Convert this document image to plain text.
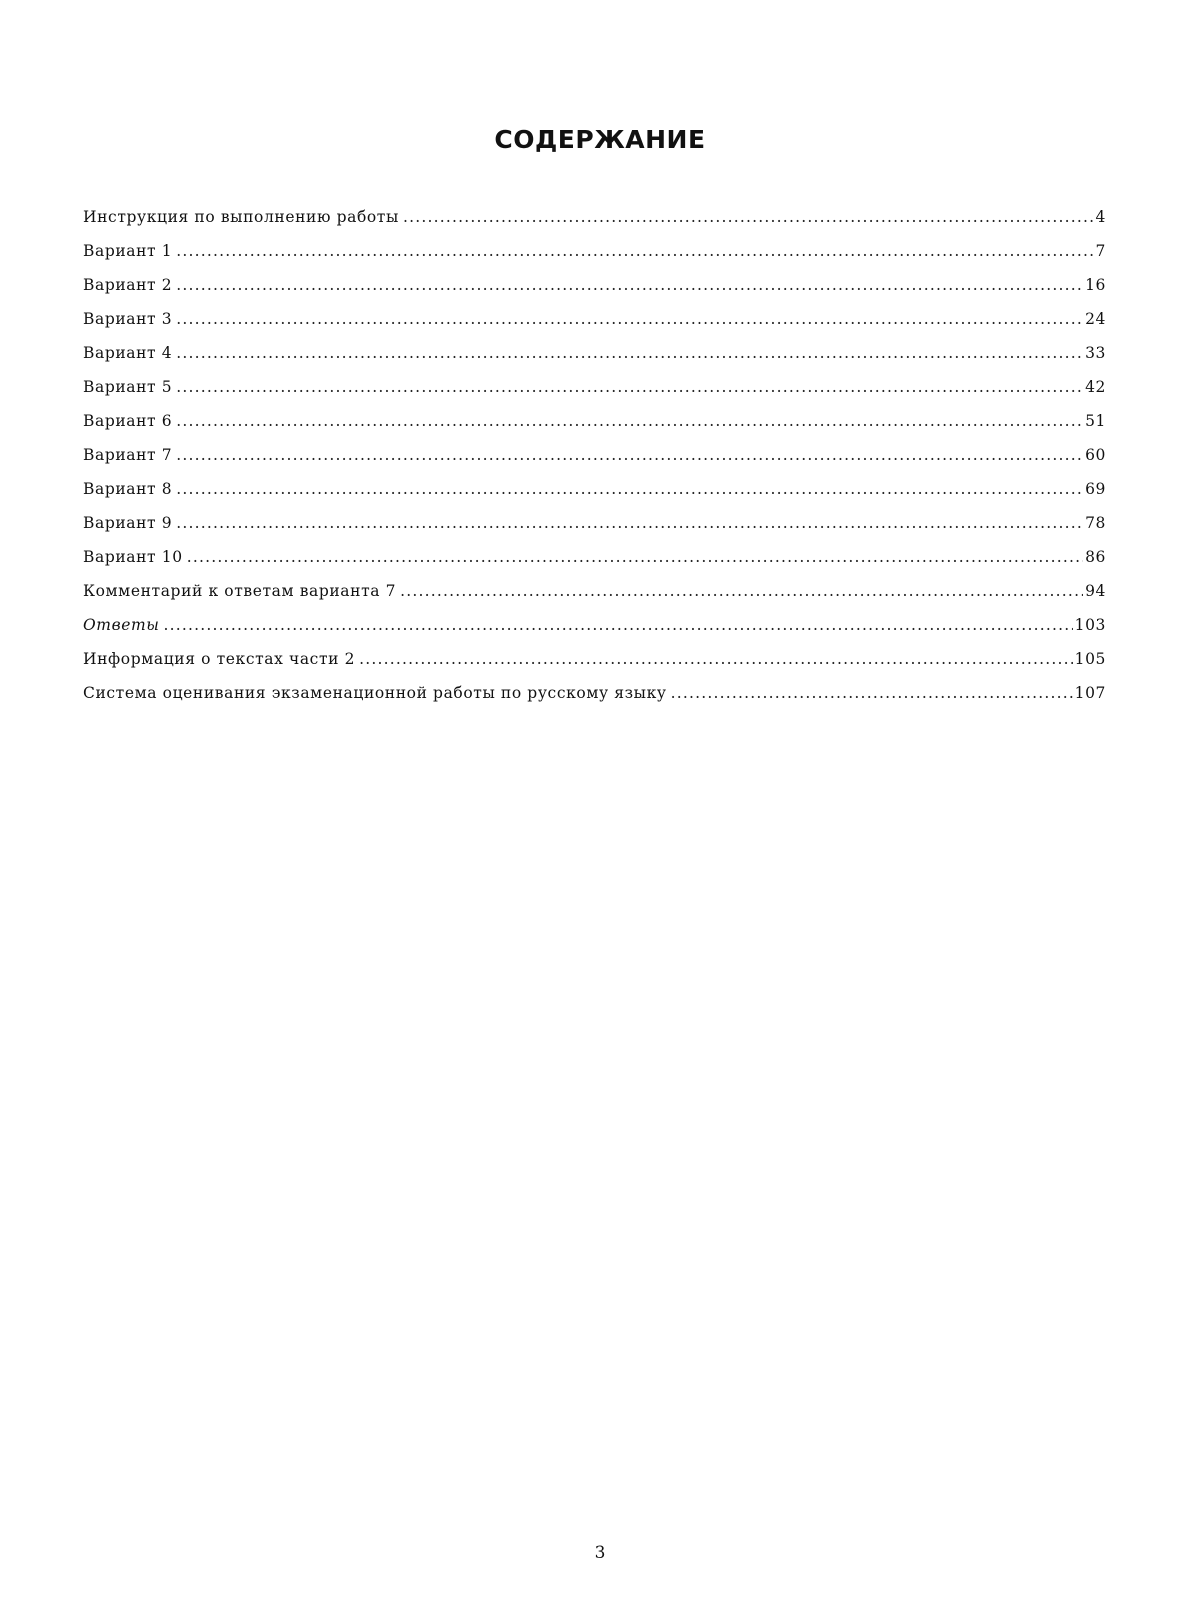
СОДЕРЖАНИЕ
Инструкция по выполнению работы .....	4
Вариант 1 .....	7
Вариант 2 .....	16
Вариант 3 .....	24
Вариант 4 .....	33
Вариант 5 .....	42
Вариант 6 .....	51
Вариант 7 .....	60
Вариант 8 .....	69
Вариант 9 .....	78
Вариант 10 .....	86
Комментарий к ответам варианта 7 .....	94
Ответы .....	103
Информация о текстах части 2 .....	105
Система оценивания экзаменационной работы по русскому языку .....	107
3
